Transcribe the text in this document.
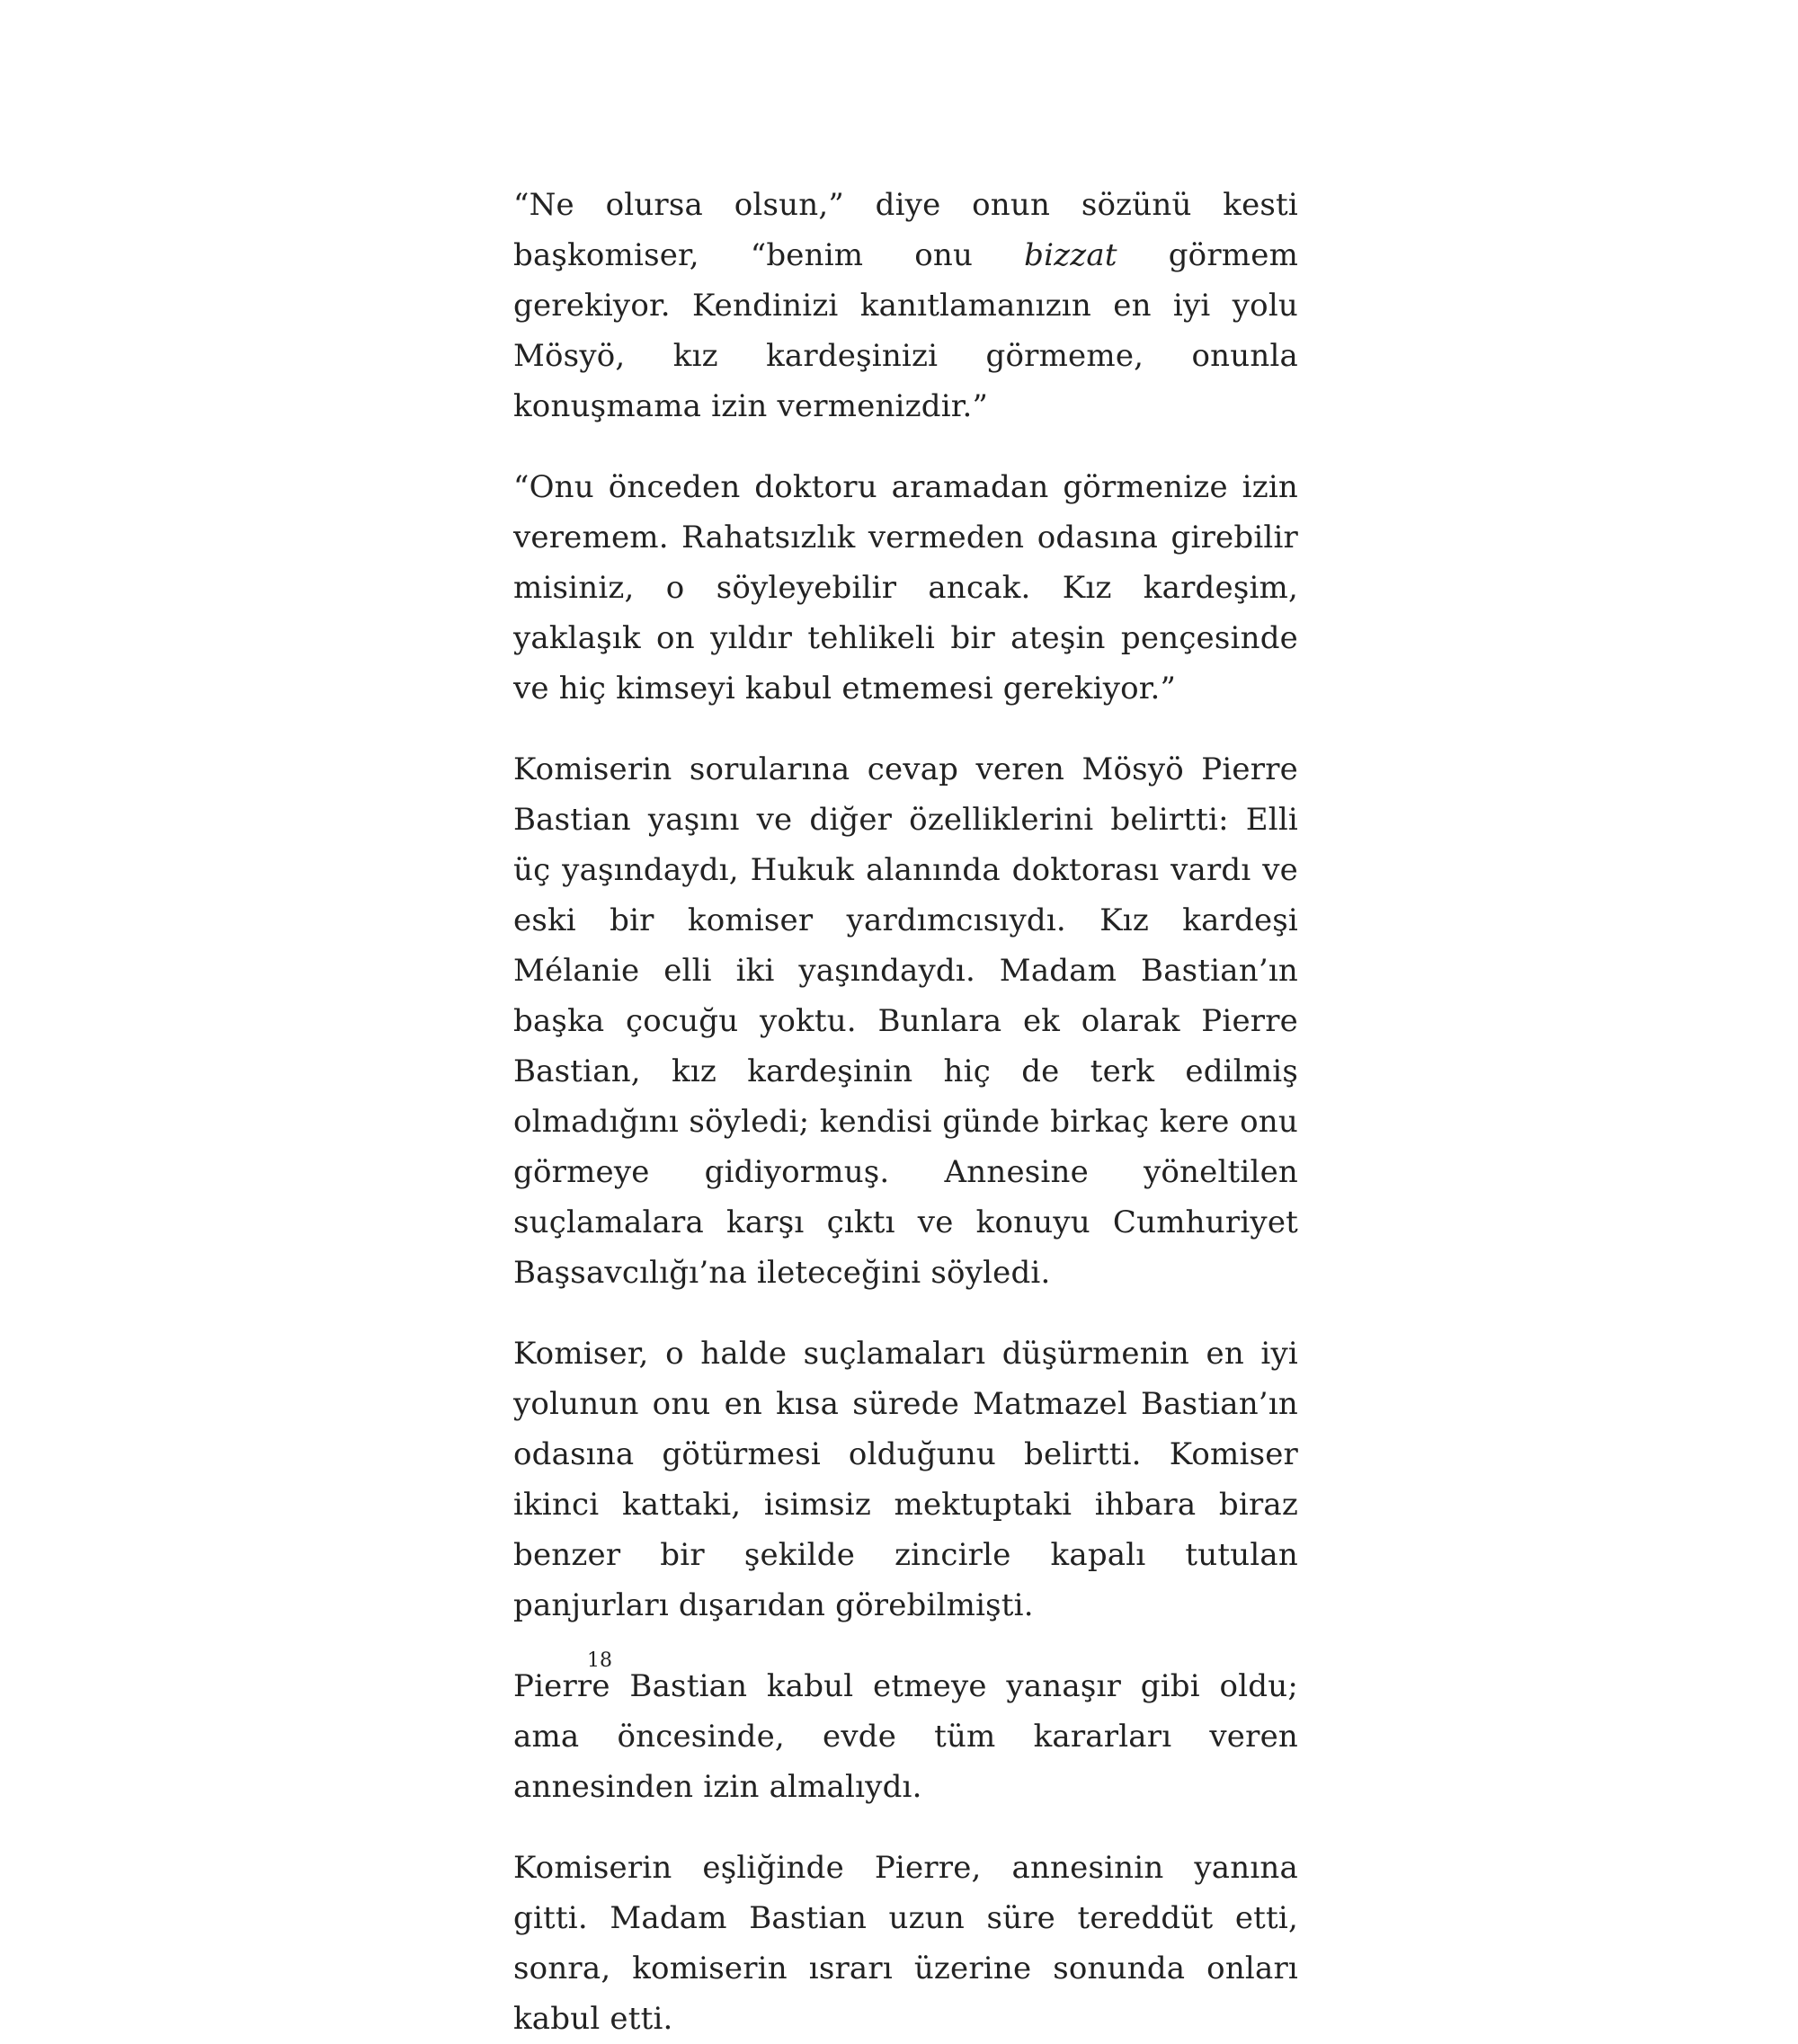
“Ne olursa olsun,” diye onun sözünü kesti başkomiser, “benim onu bizzat görmem gerekiyor. Kendinizi kanıtlamanızın en iyi yolu Mösyö, kız kardeşinizi görmeme, onunla konuşmama izin vermenizdir.”

“Onu önceden doktoru aramadan görmenize izin veremem. Rahatsızlık vermeden odasına girebilir misiniz, o söyleyebilir ancak. Kız kardeşim, yaklaşık on yıldır tehlikeli bir ateşin pençesinde ve hiç kimseyi kabul etmemesi gerekiyor.”

Komiserin sorularına cevap veren Mösyö Pierre Bastian yaşını ve diğer özelliklerini belirtti: Elli üç yaşındaydı, Hukuk alanında doktorası vardı ve eski bir komiser yardımcısıydı. Kız kardeşi Mélanie elli iki yaşındaydı. Madam Bastian’ın başka çocuğu yoktu. Bunlara ek olarak Pierre Bastian, kız kardeşinin hiç de terk edilmiş olmadığını söyledi; kendisi günde birkaç kere onu görmeye gidiyormuş. Annesine yöneltilen suçlamalara karşı çıktı ve konuyu Cumhuriyet Başsavcılığı’na ileteceğini söyledi.

Komiser, o halde suçlamaları düşürmenin en iyi yolunun onu en kısa sürede Matmazel Bastian’ın odasına götürmesi olduğunu belirtti. Komiser ikinci kattaki, isimsiz mektuptaki ihbara biraz benzer bir şekilde zincirle kapalı tutulan panjurları dışarıdan görebilmişti.

Pierre Bastian kabul etmeye yanaşır gibi oldu; ama öncesinde, evde tüm kararları veren annesinden izin almalıydı.

Komiserin eşliğinde Pierre, annesinin yanına gitti. Madam Bastian uzun süre tereddüt etti, sonra, komiserin ısrarı üzerine sonunda onları kabul etti.

18
